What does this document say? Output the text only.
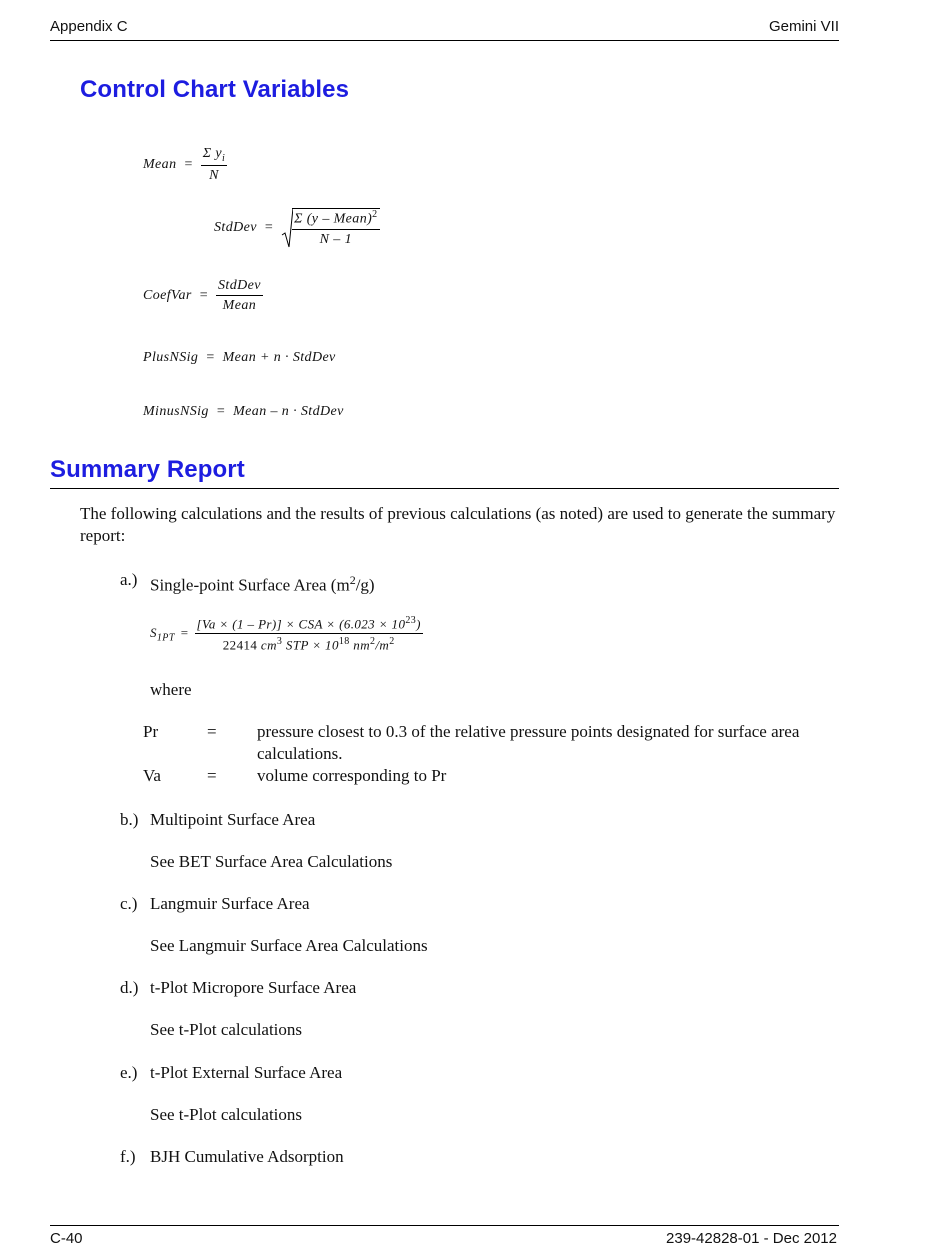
Appendix C	Gemini VII
Control Chart Variables
Mean = $\frac{\Sigma y_i}{N}$
StdDev = $\frac{\Sigma (y - Mean)^2}{N - 1}$
CoefVar = $\frac{\text{StdDev}}{\text{Mean}}$
PlusNSig = Mean + n · StdDev
MinusNSig = Mean – n · StdDev
Summary Report
The following calculations and the results of previous calculations (as noted) are used to generate the summary report:
a.) Single-point Surface Area $(m^2/g)$
$S_{1PT} = \frac{[Va \times (1 - Pr)] \times CSA \times (6.023 \times 10^{23})}{22414 cm^3 STP \times 10^{18} nm^2/m^2}$
where
Pr	= pressure closest to 0.3 of the relative pressure points designated for surface area calculations.
Va	= volume corresponding to Pr
b.) Multipoint Surface Area
See BET Surface Area Calculations
c.) Langmuir Surface Area
See Langmuir Surface Area Calculations
d.) t-Plot Micropore Surface Area
See t-Plot calculations
e.) t-Plot External Surface Area
See t-Plot calculations
f.) BJH Cumulative Adsorption
C-40	239-42828-01 - Dec 2012
